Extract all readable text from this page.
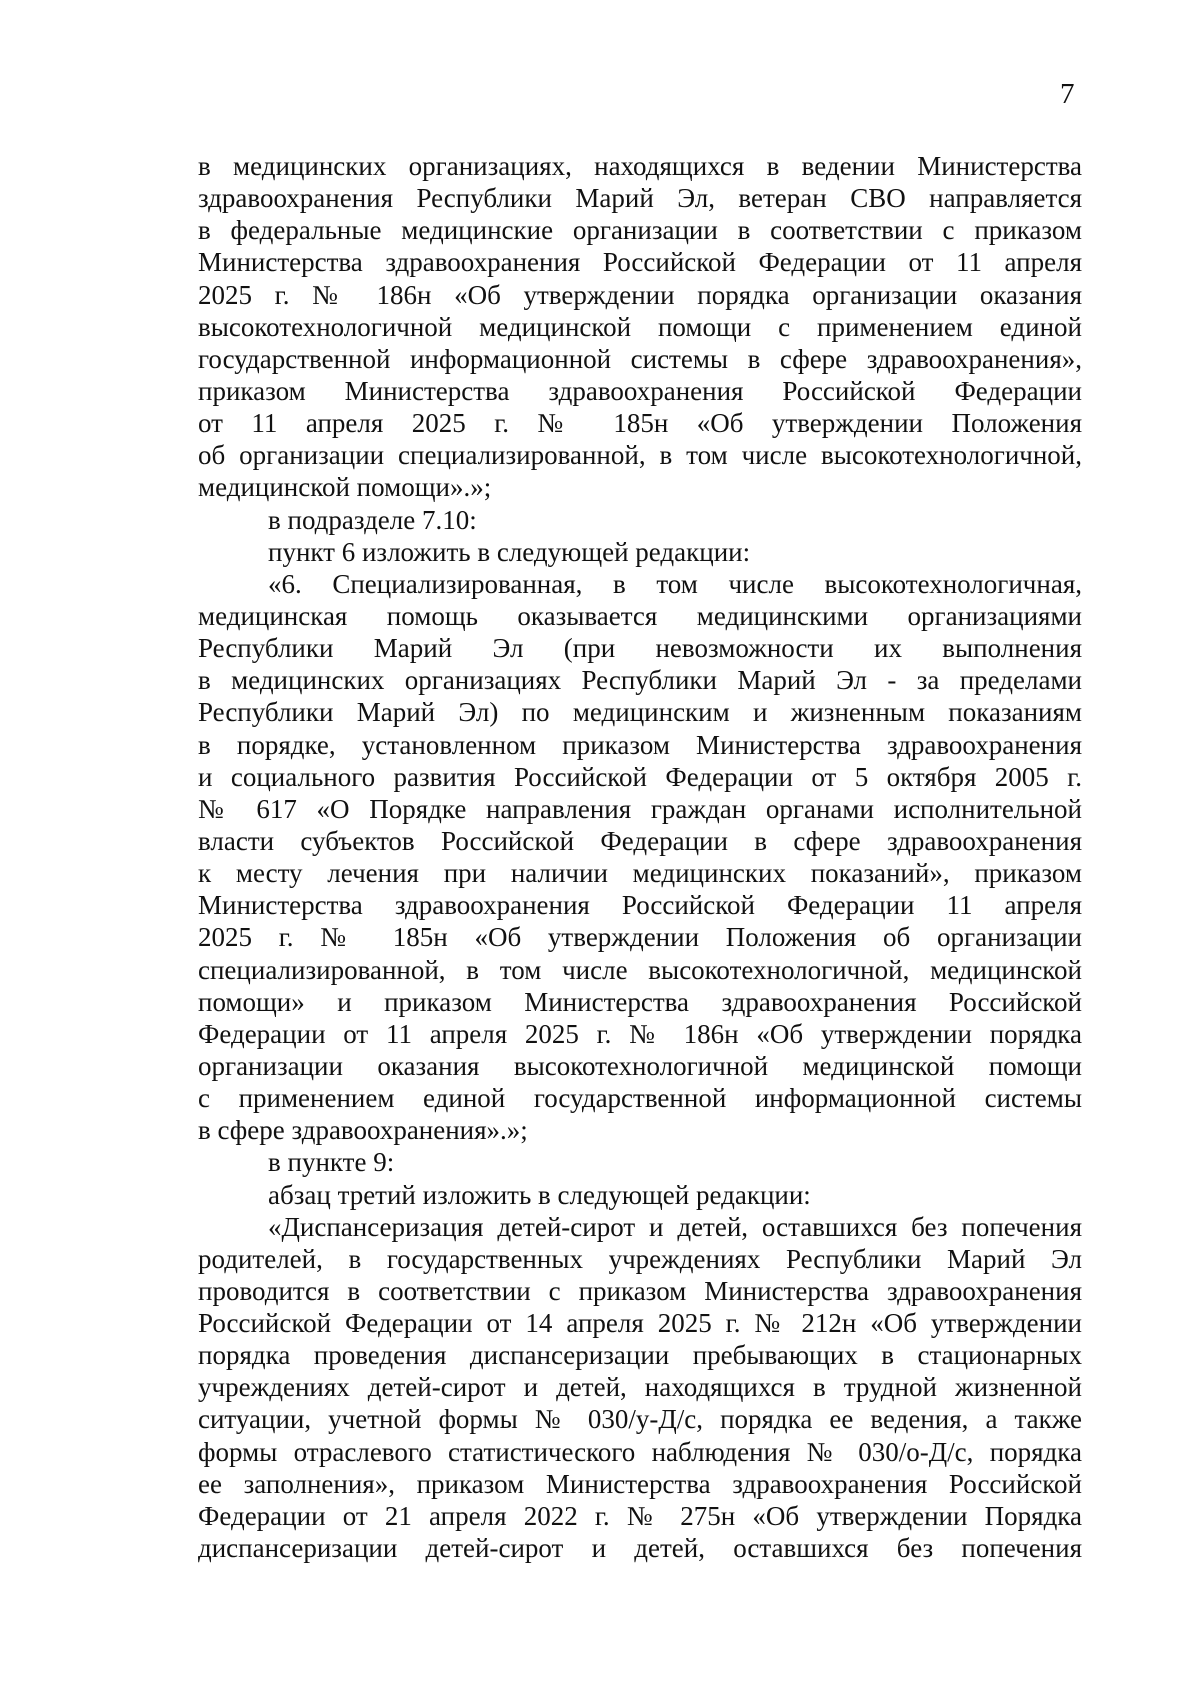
7
в медицинских организациях, находящихся в ведении Министерства
здравоохранения Республики Марий Эл, ветеран СВО направляется
в федеральные медицинские организации в соответствии с приказом
Министерства здравоохранения Российской Федерации от 11 апреля
2025 г. № 186н «Об утверждении порядка организации оказания
высокотехнологичной медицинской помощи с применением единой
государственной информационной системы в сфере здравоохранения»,
приказом Министерства здравоохранения Российской Федерации
от 11 апреля 2025 г. № 185н «Об утверждении Положения
об организации специализированной, в том числе высокотехнологичной,
медицинской помощи».»;
в подразделе 7.10:
пункт 6 изложить в следующей редакции:
«6. Специализированная, в том числе высокотехнологичная,
медицинская помощь оказывается медицинскими организациями
Республики Марий Эл (при невозможности их выполнения
в медицинских организациях Республики Марий Эл - за пределами
Республики Марий Эл) по медицинским и жизненным показаниям
в порядке, установленном приказом Министерства здравоохранения
и социального развития Российской Федерации от 5 октября 2005 г.
№ 617 «О Порядке направления граждан органами исполнительной
власти субъектов Российской Федерации в сфере здравоохранения
к месту лечения при наличии медицинских показаний», приказом
Министерства здравоохранения Российской Федерации 11 апреля
2025 г. № 185н «Об утверждении Положения об организации
специализированной, в том числе высокотехнологичной, медицинской
помощи» и приказом Министерства здравоохранения Российской
Федерации от 11 апреля 2025 г. № 186н «Об утверждении порядка
организации оказания высокотехнологичной медицинской помощи
с применением единой государственной информационной системы
в сфере здравоохранения».»;
в пункте 9:
абзац третий изложить в следующей редакции:
«Диспансеризация детей-сирот и детей, оставшихся без попечения
родителей, в государственных учреждениях Республики Марий Эл
проводится в соответствии с приказом Министерства здравоохранения
Российской Федерации от 14 апреля 2025 г. № 212н «Об утверждении
порядка проведения диспансеризации пребывающих в стационарных
учреждениях детей-сирот и детей, находящихся в трудной жизненной
ситуации, учетной формы № 030/у-Д/с, порядка ее ведения, а также
формы отраслевого статистического наблюдения № 030/о-Д/с, порядка
ее заполнения», приказом Министерства здравоохранения Российской
Федерации от 21 апреля 2022 г. № 275н «Об утверждении Порядка
диспансеризации детей-сирот и детей, оставшихся без попечения
